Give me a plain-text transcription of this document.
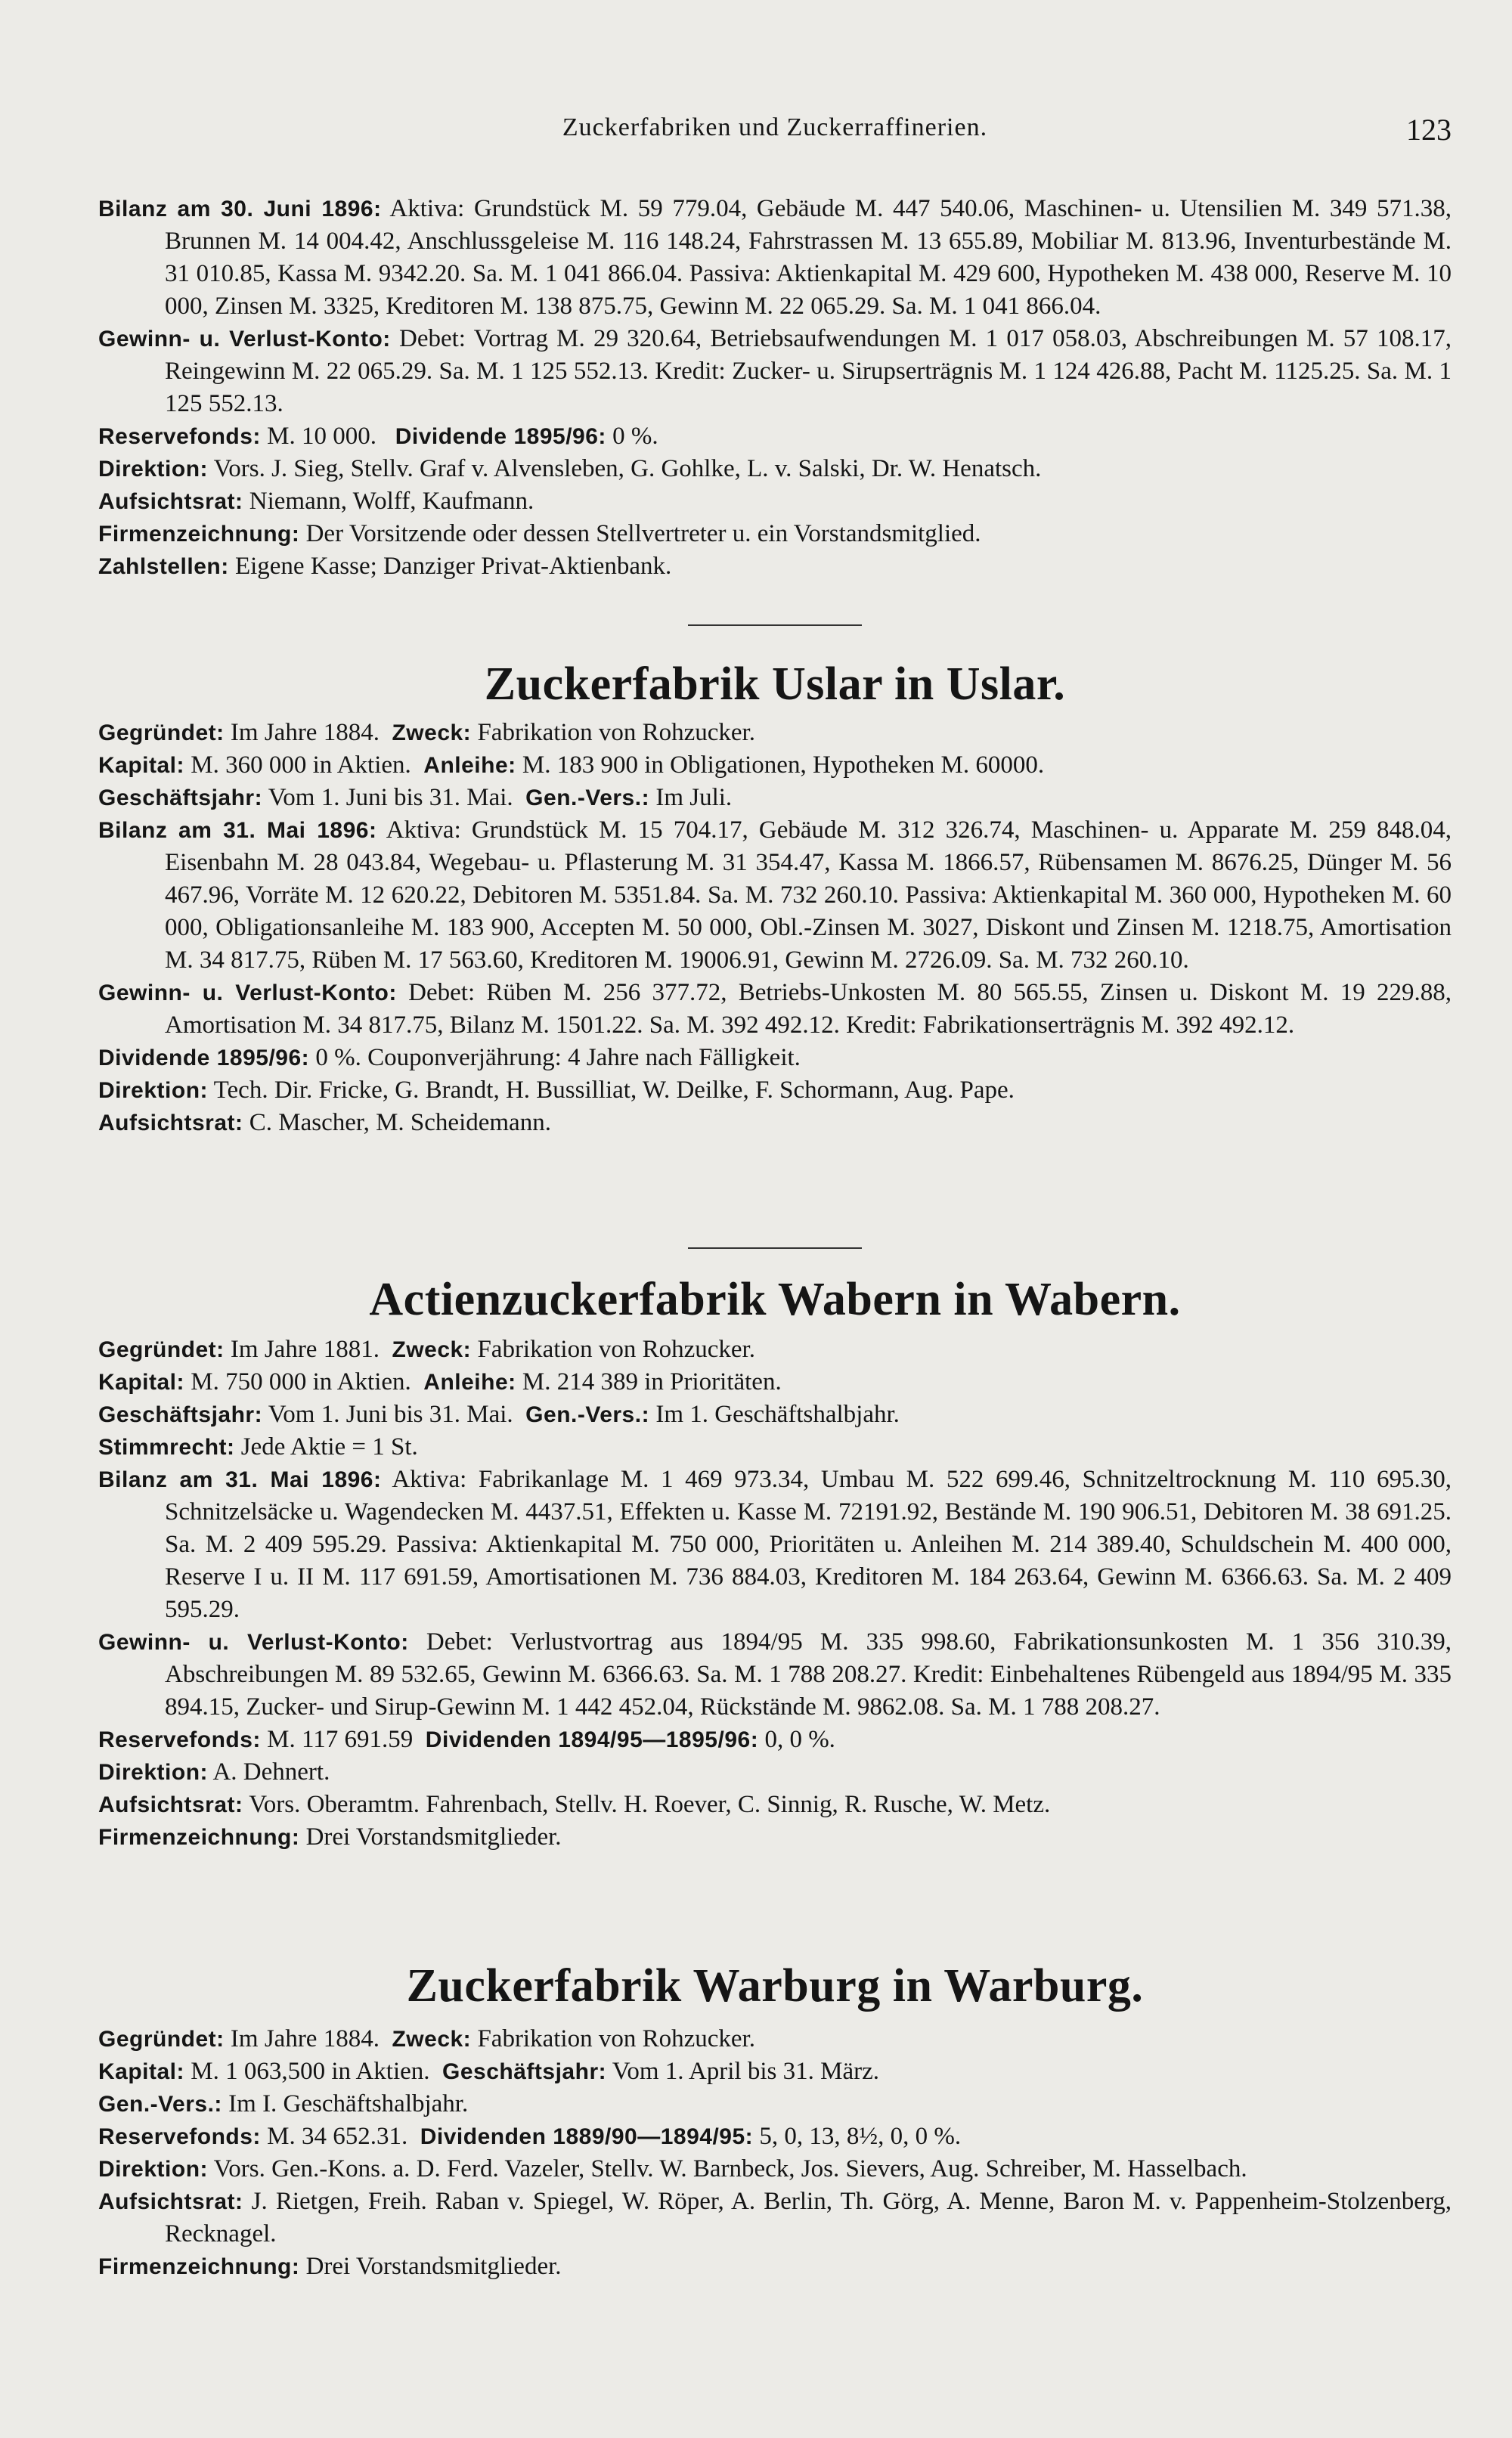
Zuckerfabriken und Zuckerraffinerien.	123

Bilanz am 30. Juni 1896: Aktiva: Grundstück M. 59 779.04, Gebäude M. 447 540.06, Maschinen- u. Utensilien M. 349 571.38, Brunnen M. 14 004.42, Anschlussgeleise M. 116 148.24, Fahrstrassen M. 13 655.89, Mobiliar M. 813.96, Inventurbestände M. 31 010.85, Kassa M. 9342.20. Sa. M. 1 041 866.04. Passiva: Aktienkapital M. 429 600, Hypotheken M. 438 000, Reserve M. 10 000, Zinsen M. 3325, Kreditoren M. 138 875.75, Gewinn M. 22 065.29. Sa. M. 1 041 866.04.

Gewinn- u. Verlust-Konto: Debet: Vortrag M. 29 320.64, Betriebsaufwendungen M. 1 017 058.03, Abschreibungen M. 57 108.17, Reingewinn M. 22 065.29. Sa. M. 1 125 552.13. Kredit: Zucker- u. Sirupserträgnis M. 1 124 426.88, Pacht M. 1125.25. Sa. M. 1 125 552.13.

Reservefonds: M. 10 000. Dividende 1895/96: 0 %.

Direktion: Vors. J. Sieg, Stellv. Graf v. Alvensleben, G. Gohlke, L. v. Salski, Dr. W. Henatsch.

Aufsichtsrat: Niemann, Wolff, Kaufmann.

Firmenzeichnung: Der Vorsitzende oder dessen Stellvertreter u. ein Vorstandsmitglied.

Zahlstellen: Eigene Kasse; Danziger Privat-Aktienbank.

Zuckerfabrik Uslar in Uslar.

Gegründet: Im Jahre 1884. Zweck: Fabrikation von Rohzucker.

Kapital: M. 360 000 in Aktien. Anleihe: M. 183 900 in Obligationen, Hypotheken M. 60000.

Geschäftsjahr: Vom 1. Juni bis 31. Mai. Gen.-Vers.: Im Juli.

Bilanz am 31. Mai 1896: Aktiva: Grundstück M. 15 704.17, Gebäude M. 312 326.74, Maschinen- u. Apparate M. 259 848.04, Eisenbahn M. 28 043.84, Wegebau- u. Pflasterung M. 31 354.47, Kassa M. 1866.57, Rübensamen M. 8676.25, Dünger M. 56 467.96, Vorräte M. 12 620.22, Debitoren M. 5351.84. Sa. M. 732 260.10. Passiva: Aktienkapital M. 360 000, Hypotheken M. 60 000, Obligationsanleihe M. 183 900, Accepten M. 50 000, Obl.-Zinsen M. 3027, Diskont und Zinsen M. 1218.75, Amortisation M. 34 817.75, Rüben M. 17 563.60, Kreditoren M. 19006.91, Gewinn M. 2726.09. Sa. M. 732 260.10.

Gewinn- u. Verlust-Konto: Debet: Rüben M. 256 377.72, Betriebs-Unkosten M. 80 565.55, Zinsen u. Diskont M. 19 229.88, Amortisation M. 34 817.75, Bilanz M. 1501.22. Sa. M. 392 492.12. Kredit: Fabrikationserträgnis M. 392 492.12.

Dividende 1895/96: 0 %. Couponverjährung: 4 Jahre nach Fälligkeit.

Direktion: Tech. Dir. Fricke, G. Brandt, H. Bussilliat, W. Deilke, F. Schormann, Aug. Pape.

Aufsichtsrat: C. Mascher, M. Scheidemann.

Actienzuckerfabrik Wabern in Wabern.

Gegründet: Im Jahre 1881. Zweck: Fabrikation von Rohzucker.

Kapital: M. 750 000 in Aktien. Anleihe: M. 214 389 in Prioritäten.

Geschäftsjahr: Vom 1. Juni bis 31. Mai. Gen.-Vers.: Im 1. Geschäftshalbjahr.

Stimmrecht: Jede Aktie = 1 St.

Bilanz am 31. Mai 1896: Aktiva: Fabrikanlage M. 1 469 973.34, Umbau M. 522 699.46, Schnitzeltrocknung M. 110 695.30, Schnitzelsäcke u. Wagendecken M. 4437.51, Effekten u. Kasse M. 72191.92, Bestände M. 190 906.51, Debitoren M. 38 691.25. Sa. M. 2 409 595.29. Passiva: Aktienkapital M. 750 000, Prioritäten u. Anleihen M. 214 389.40, Schuldschein M. 400 000, Reserve I u. II M. 117 691.59, Amortisationen M. 736 884.03, Kreditoren M. 184 263.64, Gewinn M. 6366.63. Sa. M. 2 409 595.29.

Gewinn- u. Verlust-Konto: Debet: Verlustvortrag aus 1894/95 M. 335 998.60, Fabrikationsunkosten M. 1 356 310.39, Abschreibungen M. 89 532.65, Gewinn M. 6366.63. Sa. M. 1 788 208.27. Kredit: Einbehaltenes Rübengeld aus 1894/95 M. 335 894.15, Zucker- und Sirup-Gewinn M. 1 442 452.04, Rückstände M. 9862.08. Sa. M. 1 788 208.27.

Reservefonds: M. 117 691.59 Dividenden 1894/95—1895/96: 0, 0 %.

Direktion: A. Dehnert.

Aufsichtsrat: Vors. Oberamtm. Fahrenbach, Stellv. H. Roever, C. Sinnig, R. Rusche, W. Metz.

Firmenzeichnung: Drei Vorstandsmitglieder.

Zuckerfabrik Warburg in Warburg.

Gegründet: Im Jahre 1884. Zweck: Fabrikation von Rohzucker.

Kapital: M. 1 063,500 in Aktien. Geschäftsjahr: Vom 1. April bis 31. März.

Gen.-Vers.: Im I. Geschäftshalbjahr.

Reservefonds: M. 34 652.31. Dividenden 1889/90—1894/95: 5, 0, 13, 8½, 0, 0 %.

Direktion: Vors. Gen.-Kons. a. D. Ferd. Vazeler, Stellv. W. Barnbeck, Jos. Sievers, Aug. Schreiber, M. Hasselbach.

Aufsichtsrat: J. Rietgen, Freih. Raban v. Spiegel, W. Röper, A. Berlin, Th. Görg, A. Menne, Baron M. v. Pappenheim-Stolzenberg, Recknagel.

Firmenzeichnung: Drei Vorstandsmitglieder.
